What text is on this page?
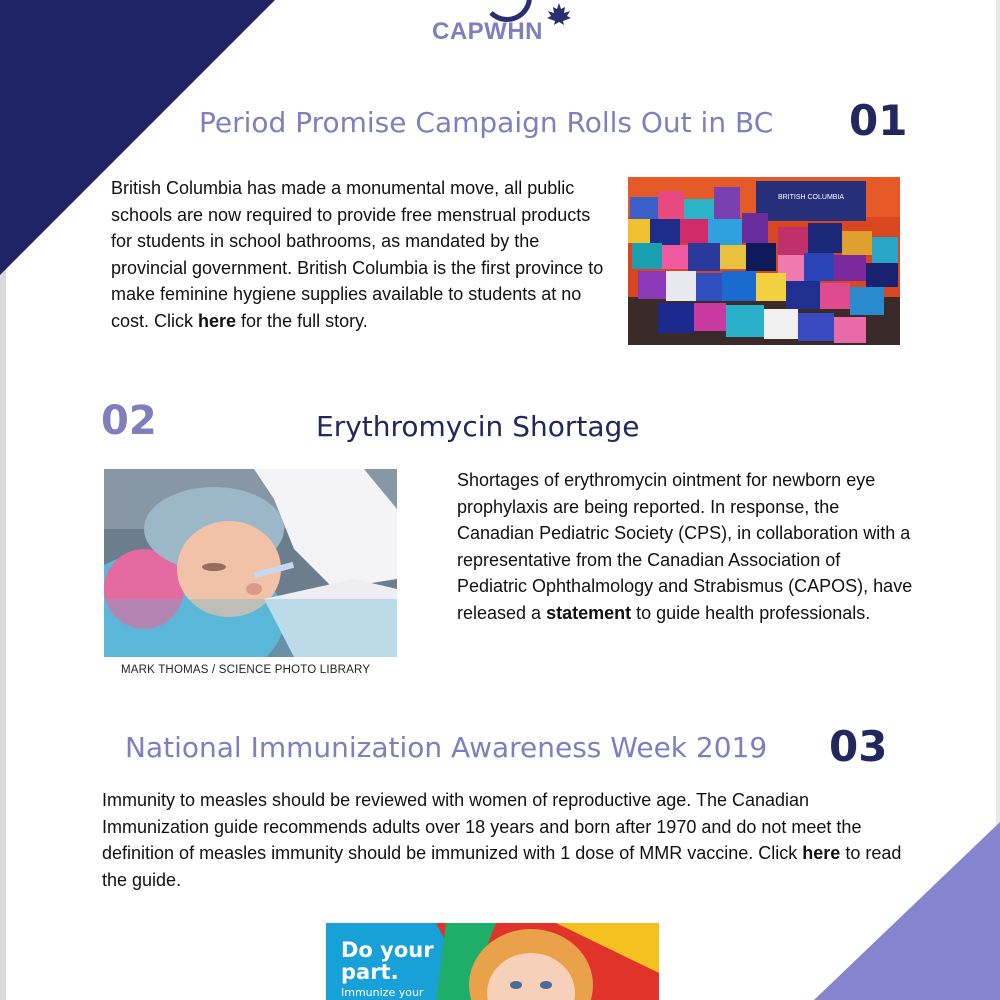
CAPWHN
Period Promise Campaign Rolls Out in BC 01

British Columbia has made a monumental move, all public schools are now required to provide free menstrual products for students in school bathrooms, as mandated by the provincial government. British Columbia is the first province to make feminine hygiene supplies available to students at no cost. Click here for the full story.

BRITISH COLUMBIA
02	Erythromycin Shortage

MARK THOMAS / SCIENCE PHOTO LIBRARY

Shortages of erythromycin ointment for newborn eye prophylaxis are being reported. In response, the Canadian Pediatric Society (CPS), in collaboration with a representative from the Canadian Association of Pediatric Ophthalmology and Strabismus (CAPOS), have released a statement to guide health professionals.

National Immunization Awareness Week 2019 03

Immunity to measles should be reviewed with women of reproductive age. The Canadian Immunization guide recommends adults over 18 years and born after 1970 and do not meet the definition of measles immunity should be immunized with 1 dose of MMR vaccine. Click here to read the guide.

Do your
part.
Immunize your
